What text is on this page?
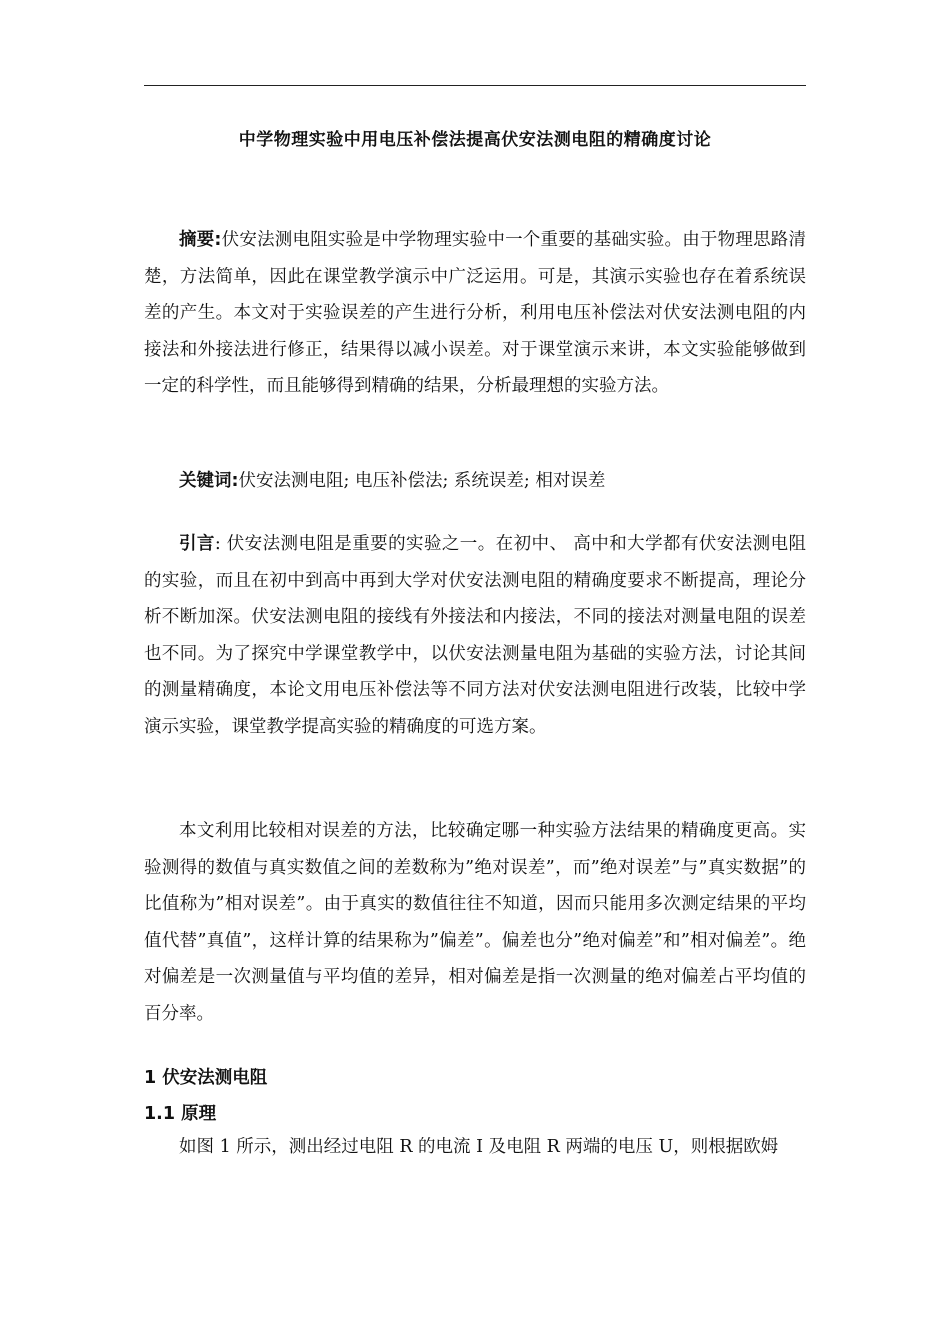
中学物理实验中用电压补偿法提高伏安法测电阻的精确度讨论

摘要:伏安法测电阻实验是中学物理实验中一个重要的基础实验。由于物理思路清楚，方法简单，因此在课堂教学演示中广泛运用。可是，其演示实验也存在着系统误差的产生。本文对于实验误差的产生进行分析，利用电压补偿法对伏安法测电阻的内接法和外接法进行修正，结果得以减小误差。对于课堂演示来讲，本文实验能够做到一定的科学性，而且能够得到精确的结果，分析最理想的实验方法。

关键词:伏安法测电阻; 电压补偿法; 系统误差; 相对误差

引言: 伏安法测电阻是重要的实验之一。在初中、 高中和大学都有伏安法测电阻的实验，而且在初中到高中再到大学对伏安法测电阻的精确度要求不断提高，理论分析不断加深。伏安法测电阻的接线有外接法和内接法，不同的接法对测量电阻的误差也不同。为了探究中学课堂教学中，以伏安法测量电阻为基础的实验方法，讨论其间的测量精确度，本论文用电压补偿法等不同方法对伏安法测电阻进行改装，比较中学演示实验，课堂教学提高实验的精确度的可选方案。

本文利用比较相对误差的方法，比较确定哪一种实验方法结果的精确度更高。实验测得的数值与真实数值之间的差数称为”绝对误差”，而”绝对误差”与”真实数据”的比值称为”相对误差”。由于真实的数值往往不知道，因而只能用多次测定结果的平均值代替”真值”，这样计算的结果称为”偏差”。偏差也分”绝对偏差”和”相对偏差”。绝对偏差是一次测量值与平均值的差异，相对偏差是指一次测量的绝对偏差占平均值的百分率。

1 伏安法测电阻
1.1 原理

如图 1 所示，测出经过电阻 R 的电流 I 及电阻 R 两端的电压 U，则根据欧姆
